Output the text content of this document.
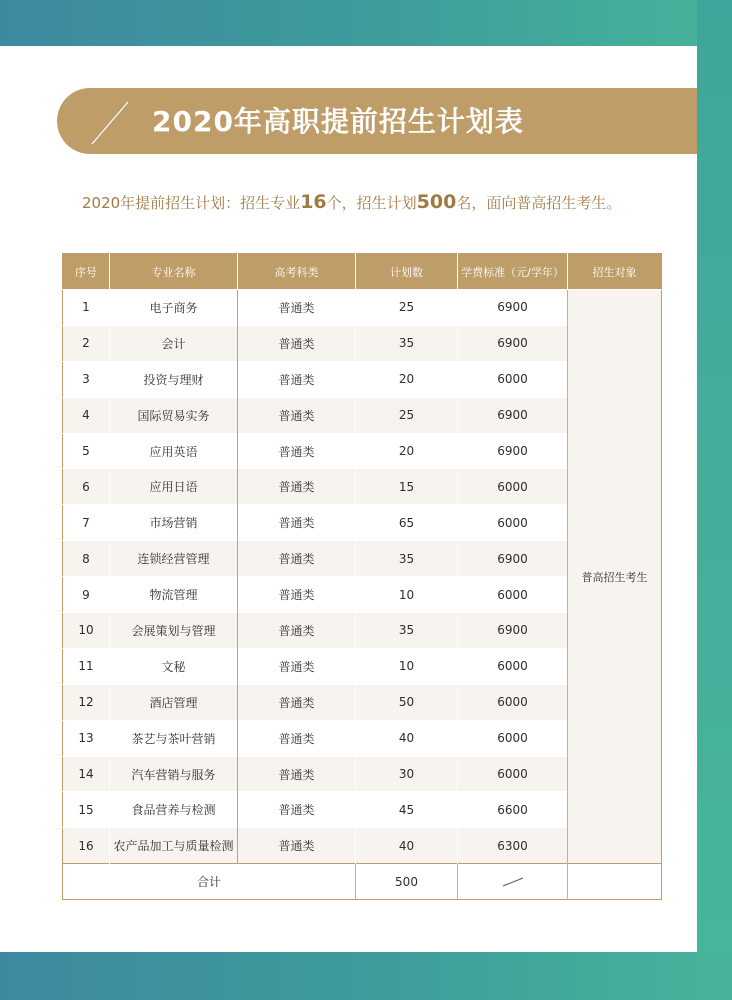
2020年高职提前招生计划表
2020年提前招生计划：招生专业16个，招生计划500名，面向普高招生考生。
序号	专业名称	高考科类	计划数	学费标准（元/学年）	招生对象
1	电子商务	普通类	25	6900	普高招生考生
2	会计	普通类	35	6900	
3	投资与理财	普通类	20	6000	
4	国际贸易实务	普通类	25	6900	
5	应用英语	普通类	20	6900	
6	应用日语	普通类	15	6000	
7	市场营销	普通类	65	6000	
8	连锁经营管理	普通类	35	6900	
9	物流管理	普通类	10	6000	
10	会展策划与管理	普通类	35	6900	
11	文秘	普通类	10	6000	
12	酒店管理	普通类	50	6000	
13	茶艺与茶叶营销	普通类	40	6000	
14	汽车营销与服务	普通类	30	6000	
15	食品营养与检测	普通类	45	6600	
16	农产品加工与质量检测	普通类	40	6300	
合计			500		
